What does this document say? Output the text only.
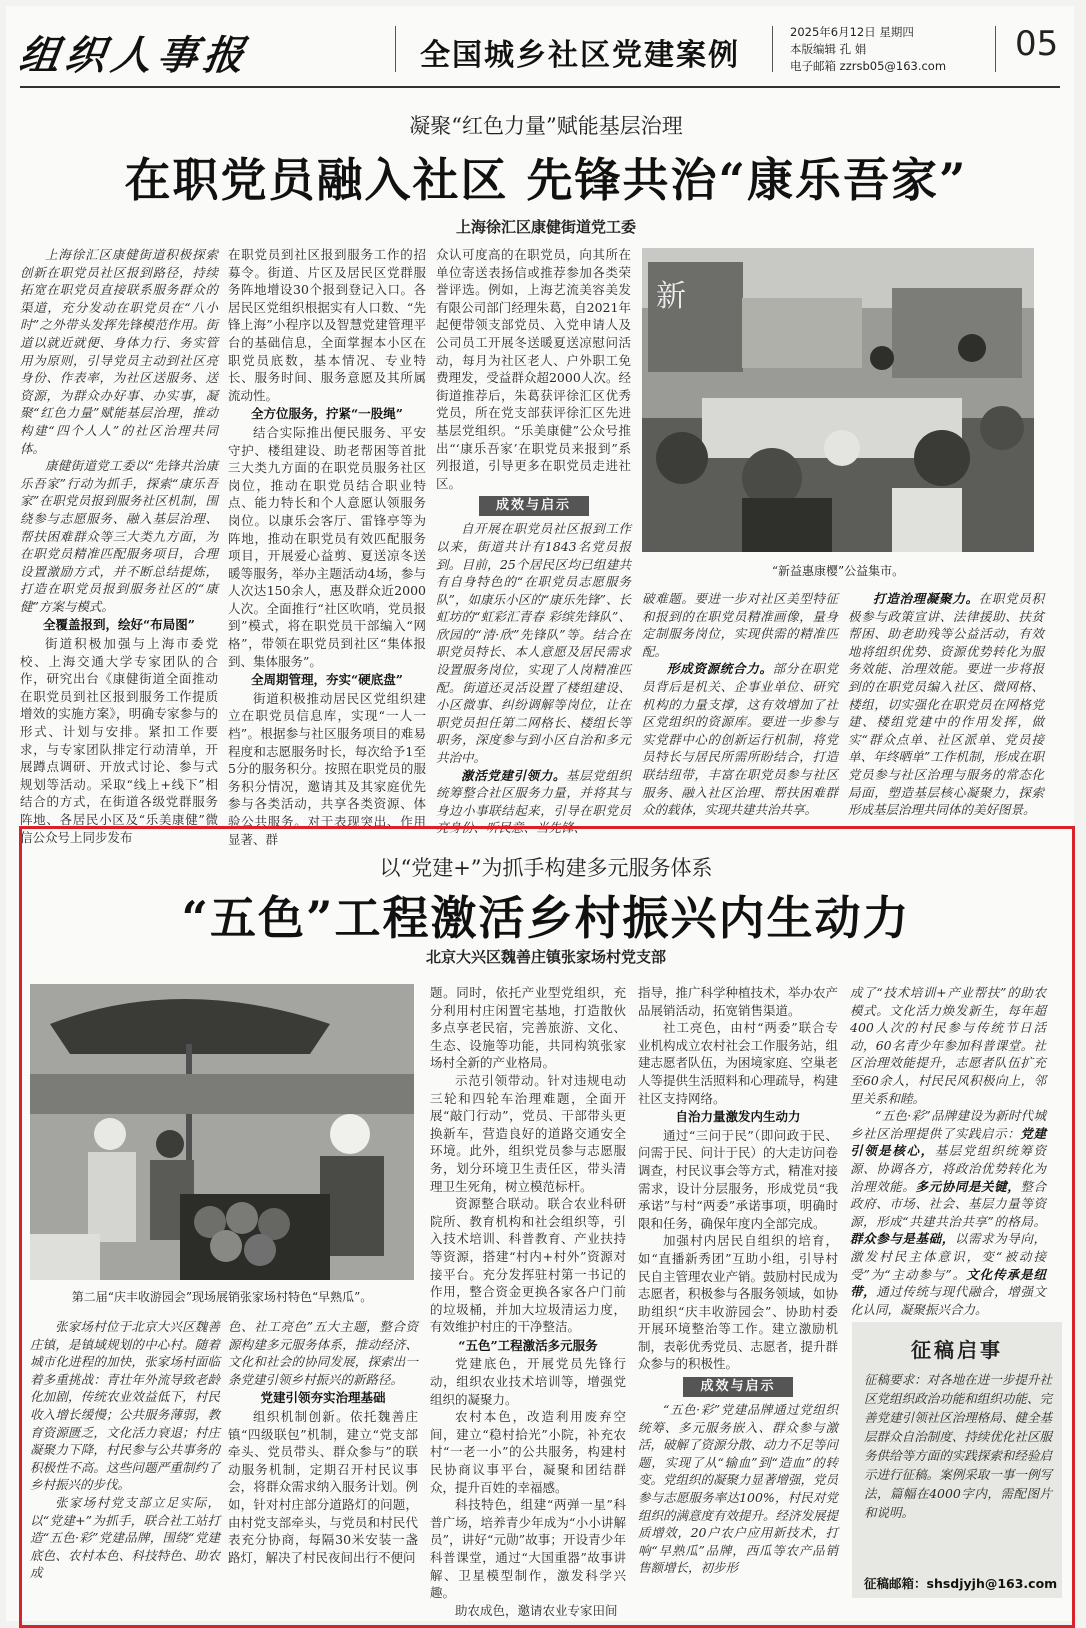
组织人事报	全国城乡社区党建案例
2025年6月12日 星期四
本版编辑 孔 娟
电子邮箱 zzrsb05@163.com
05
凝聚“红色力量”赋能基层治理
在职党员融入社区 先锋共治“康乐吾家”
上海徐汇区康健街道党工委

上海徐汇区康健街道积极探索创新在职党员社区报到路径，持续拓宽在职党员直接联系服务群众的渠道，充分发动在职党员在“八小时”之外带头发挥先锋模范作用。街道以就近就便、身体力行、务实管用为原则，引导党员主动到社区亮身份、作表率，为社区送服务、送资源，为群众办好事、办实事，凝聚“红色力量”赋能基层治理，推动构建“四个人人”的社区治理共同体。

康健街道党工委以“先锋共治康乐吾家”行动为抓手，探索“康乐吾家”在职党员报到服务社区机制，围绕参与志愿服务、融入基层治理、帮扶困难群众等三大类九方面，为在职党员精准匹配服务项目，合理设置激励方式，并不断总结提炼，打造在职党员报到服务社区的“康健”方案与模式。

全覆盖报到，绘好“布局图”

街道积极加强与上海市委党校、上海交通大学专家团队的合作，研究出台《康健街道全面推动在职党员到社区报到服务工作提质增效的实施方案》，明确专家参与的形式、计划与安排。紧扣工作要求，与专家团队排定行动清单，开展蹲点调研、开放式讨论、参与式规划等活动。采取“线上+线下”相结合的方式，在街道各级党群服务阵地、各居民小区及“乐美康健”微信公众号上同步发布

在职党员到社区报到服务工作的招募令。街道、片区及居民区党群服务阵地增设30个报到登记入口。各居民区党组织根据实有人口数、“先锋上海”小程序以及智慧党建管理平台的基础信息，全面掌握本小区在职党员底数，基本情况、专业特长、服务时间、服务意愿及其所属流动性。

全方位服务，拧紧“一股绳”

结合实际推出便民服务、平安守护、楼组建设、助老帮困等首批三大类九方面的在职党员服务社区岗位，推动在职党员结合职业特点、能力特长和个人意愿认领服务岗位。以康乐会客厅、雷锋亭等为阵地，推动在职党员有效匹配服务项目，开展爱心益剪、夏送凉冬送暖等服务，举办主题活动4场，参与人次达150余人，惠及群众近2000人次。全面推行“社区吹哨，党员报到”模式，将在职党员干部编入“网格”，带领在职党员到社区“集体报到、集体服务”。

全周期管理，夯实“硬底盘”

街道积极推动居民区党组织建立在职党员信息库，实现“一人一档”。根据参与社区服务项目的难易程度和志愿服务时长，每次给予1至5分的服务积分。按照在职党员的服务积分情况，邀请其及其家庭优先参与各类活动，共享各类资源、体验公共服务。对于表现突出、作用显著、群

众认可度高的在职党员，向其所在单位寄送表扬信或推荐参加各类荣誉评选。例如，上海艺流美容美发有限公司部门经理朱葛，自2021年起便带领支部党员、入党申请人及公司员工开展冬送暖夏送凉慰问活动，每月为社区老人、户外职工免费理发，受益群众超2000人次。经街道推荐后，朱葛获评徐汇区优秀党员，所在党支部获评徐汇区先进基层党组织。“乐美康健”公众号推出“‘康乐吾家’在职党员来报到”系列报道，引导更多在职党员走进社区。

成效与启示

自开展在职党员社区报到工作以来，街道共计有1843名党员报到。目前，25个居民区均已组建共有自身特色的“在职党员志愿服务队”，如康乐小区的“康乐先锋”、长虹坊的“虹彩汇青春 彩缤先锋队”、欣园的“清·欣”先锋队”等。结合在职党员特长、本人意愿及居民需求设置服务岗位，实现了人岗精准匹配。街道还灵活设置了楼组建设、小区微事、纠纷调解等岗位，让在职党员担任第二网格长、楼组长等职务，深度参与到小区自治和多元共治中。

激活党建引领力。基层党组织统筹整合社区服务力量，并将其与身边小事联结起来，引导在职党员亮身份、听民意、当先锋、

新
“新益惠康樱”公益集市。

破难题。要进一步对社区美型特征和报到的在职党员精准画像，量身定制服务岗位，实现供需的精准匹配。

形成资源统合力。部分在职党员背后是机关、企事业单位、研究机构的力量支撑，这有效增加了社区党组织的资源库。要进一步参与实党群中心的创新运行机制，将党员特长与居民所需所盼结合，打造联结纽带，丰富在职党员参与社区服务、融入社区治理、帮扶困难群众的载体，实现共建共治共享。

打造治理凝聚力。在职党员积极参与政策宣讲、法律援助、扶贫帮困、助老助残等公益活动，有效地将组织优势、资源优势转化为服务效能、治理效能。要进一步将报到的在职党员编入社区、微网格、楼组，切实强化在职党员在网格党建、楼组党建中的作用发挥，做实“群众点单、社区派单、党员接单、年终晒单”工作机制，形成在职党员参与社区治理与服务的常态化局面，塑造基层核心凝聚力，探索形成基层治理共同体的美好图景。

以“党建+”为抓手构建多元服务体系
“五色”工程激活乡村振兴内生动力
北京大兴区魏善庄镇张家场村党支部
第二届“庆丰收游园会”现场展销张家场村特色“早熟瓜”。

张家场村位于北京大兴区魏善庄镇，是镇域规划的中心村。随着城市化进程的加快，张家场村面临着多重挑战：青壮年外流导致老龄化加剧，传统农业效益低下，村民收入增长缓慢；公共服务薄弱，教育资源匮乏，文化活力衰退；村庄凝聚力下降，村民参与公共事务的积极性不高。这些问题严重制约了乡村振兴的步伐。

张家场村党支部立足实际，以“党建+”为抓手，联合社工站打造“五色·彩”党建品牌，围绕“党建底色、农村本色、科技特色、助农成

色、社工亮色”五大主题，整合资源构建多元服务体系，推动经济、文化和社会的协同发展，探索出一条党建引领乡村振兴的新路径。

党建引领夯实治理基础

组织机制创新。依托魏善庄镇“四级联包”机制，建立“党支部牵头、党员带头、群众参与”的联动服务机制，定期召开村民议事会，将群众需求纳入服务计划。例如，针对村庄部分道路灯的问题，由村党支部牵头，与党员和村民代表充分协商，每隔30米安装一盏路灯，解决了村民夜间出行不便问

题。同时，依托产业型党组织，充分利用村庄闲置宅基地，打造散伙多点享老民宿，完善旅游、文化、生态、设施等功能，共同构筑张家场村全新的产业格局。

示范引领带动。针对违规电动三轮和四轮车治理难题，全面开展“敲门行动”，党员、干部带头更换新车，营造良好的道路交通安全环境。此外，组织党员参与志愿服务，划分环境卫生责任区，带头清理卫生死角，树立模范标杆。

资源整合联动。联合农业科研院所、教育机构和社会组织等，引入技术培训、科普教育、产业扶持等资源，搭建“村内+村外”资源对接平台。充分发挥驻村第一书记的作用，整合资金更换各家各户门前的垃圾桶，并加大垃圾清运力度，有效维护村庄的干净整洁。

“五色”工程激活多元服务

党建底色，开展党员先锋行动，组织农业技术培训等，增强党组织的凝聚力。

农村本色，改造利用废弃空间，建立“稳村拾光”小院，补充农村“一老一小”的公共服务，构建村民协商议事平台，凝聚和团结群众，提升百姓的幸福感。

科技特色，组建“两弹一星”科普广场，培养青少年成为“小小讲解员”，讲好“元勋”故事；开设青少年科普课堂，通过“大国重器”故事讲解、卫星模型制作，激发科学兴趣。

助农成色，邀请农业专家田间

指导，推广科学种植技术，举办农产品展销活动，拓宽销售渠道。

社工亮色，由村“两委”联合专业机构成立农村社会工作服务站，组建志愿者队伍，为困境家庭、空巢老人等提供生活照料和心理疏导，构建社区支持网络。

自治力量激发内生动力

通过“三问于民”（即问政于民、问需于民、问计于民）的大走访问卷调查，村民议事会等方式，精准对接需求，设计分层服务，形成党员“我承诺”与村“两委”承诺事项，明确时限和任务，确保年度内全部完成。

加强村内居民自组织的培育，如“直播新秀团”互助小组，引导村民自主管理农业产销。鼓励村民成为志愿者，积极参与各服务领域，如协助组织“庆丰收游园会”、协助村委开展环境整治等工作。建立激励机制，表彰优秀党员、志愿者，提升群众参与的积极性。

成效与启示

“五色·彩”党建品牌通过党组织统筹、多元服务嵌入、群众参与激活，破解了资源分散、动力不足等问题，实现了从“输血”到“造血”的转变。党组织的凝聚力显著增强，党员参与志愿服务率达100%，村民对党组织的满意度有效提升。经济发展提质增效，20户农户应用新技术，打响“早熟瓜”品牌，西瓜等农产品销售额增长，初步形

成了“技术培训+产业帮扶”的助农模式。文化活力焕发新生，每年超400人次的村民参与传统节日活动，60名青少年参加科普课堂。社区治理效能提升，志愿者队伍扩充至60余人，村民民风积极向上，邻里关系和睦。

“五色·彩”品牌建设为新时代城乡社区治理提供了实践启示：党建引领是核心，基层党组织统筹资源、协调各方，将政治优势转化为治理效能。多元协同是关键，整合政府、市场、社会、基层力量等资源，形成“共建共治共享”的格局。群众参与是基础，以需求为导向，激发村民主体意识，变“被动接受”为“主动参与”。文化传承是纽带，通过传统与现代融合，增强文化认同，凝聚振兴合力。

征稿启事
征稿要求：对各地在进一步提升社区党组织政治功能和组织功能、完善党建引领社区治理格局、健全基层群众自治制度、持续优化社区服务供给等方面的实践探索和经验启示进行征稿。案例采取一事一例写法，篇幅在4000字内，需配图片和说明。
征稿邮箱：shsdjyjh@163.com
